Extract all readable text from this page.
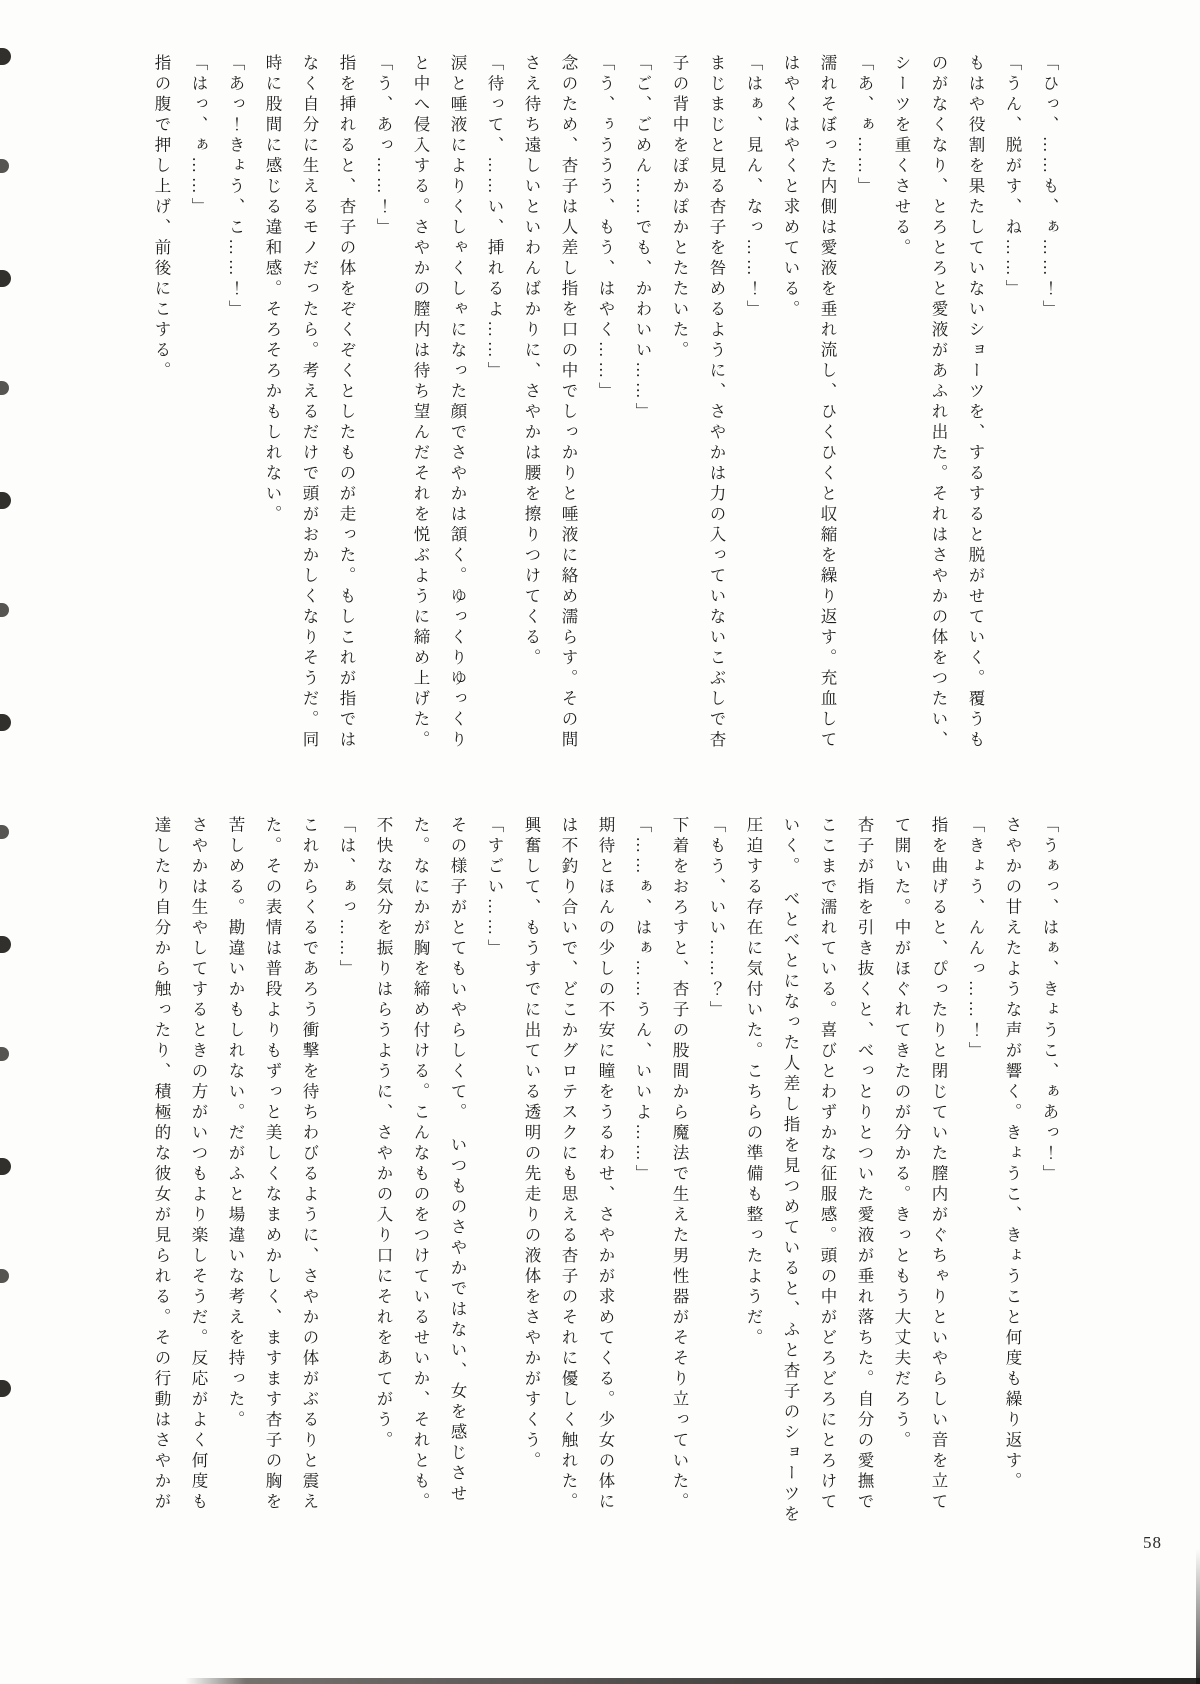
「ひっ、……も、ぁ……！」

「うん、脱がす、ね……」

もはや役割を果たしていないショーツを、するすると脱がせていく。覆うものがなくなり、とろとろと愛液があふれ出た。それはさやかの体をつたい、シーツを重くさせる。

「あ、ぁ……」

濡れそぼった内側は愛液を垂れ流し、ひくひくと収縮を繰り返す。充血してはやくはやくと求めている。

「はぁ、見ん、なっ……！」

まじまじと見る杏子を咎めるように、さやかは力の入っていないこぶしで杏子の背中をぽかぽかとたたいた。

「ご、ごめん……でも、かわいい……」

「う、ぅううう、もう、はやく……」

念のため、杏子は人差し指を口の中でしっかりと唾液に絡め濡らす。その間さえ待ち遠しいといわんばかりに、さやかは腰を擦りつけてくる。

「待って、……い、挿れるよ……」

涙と唾液によりくしゃくしゃになった顔でさやかは頷く。ゆっくりゆっくりと中へ侵入する。さやかの膣内は待ち望んだそれを悦ぶように締め上げた。

「う、あっ……！」

指を挿れると、杏子の体をぞくぞくとしたものが走った。もしこれが指ではなく自分に生えるモノだったら。考えるだけで頭がおかしくなりそうだ。同時に股間に感じる違和感。そろそろかもしれない。

「あっ！きょう、こ……！」

「はっ、ぁ……」

指の腹で押し上げ、前後にこする。

「うぁっ、はぁ、きょうこ、ぁあっ！」

さやかの甘えたような声が響く。きょうこ、きょうこと何度も繰り返す。

「きょう、んんっ……！」

指を曲げると、ぴったりと閉じていた膣内がぐちゃりといやらしい音を立てて開いた。中がほぐれてきたのが分かる。きっともう大丈夫だろう。

杏子が指を引き抜くと、べっとりとついた愛液が垂れ落ちた。自分の愛撫でここまで濡れている。喜びとわずかな征服感。頭の中がどろどろにとろけていく。　べとべとになった人差し指を見つめていると、ふと杏子のショーツを圧迫する存在に気付いた。こちらの準備も整ったようだ。

「もう、いい……？」

下着をおろすと、杏子の股間から魔法で生えた男性器がそそり立っていた。

「……ぁ、はぁ……うん、いいよ……」

期待とほんの少しの不安に瞳をうるわせ、さやかが求めてくる。少女の体には不釣り合いで、どこかグロテスクにも思える杏子のそれに優しく触れた。興奮して、もうすでに出ている透明の先走りの液体をさやかがすくう。

「すごい……」

その様子がとてもいやらしくて。　いつものさやかではない、女を感じさせた。なにかが胸を締め付ける。こんなものをつけているせいか、それとも。不快な気分を振りはらうように、さやかの入り口にそれをあてがう。

「は、ぁっ……」

これからくるであろう衝撃を待ちわびるように、さやかの体がぶるりと震えた。その表情は普段よりもずっと美しくなまめかしく、ますます杏子の胸を苦しめる。勘違いかもしれない。だがふと場違いな考えを持った。

さやかは生やしてするときの方がいつもより楽しそうだ。反応がよく何度も達したり自分から触ったり、積極的な彼女が見られる。その行動はさやかが

58
